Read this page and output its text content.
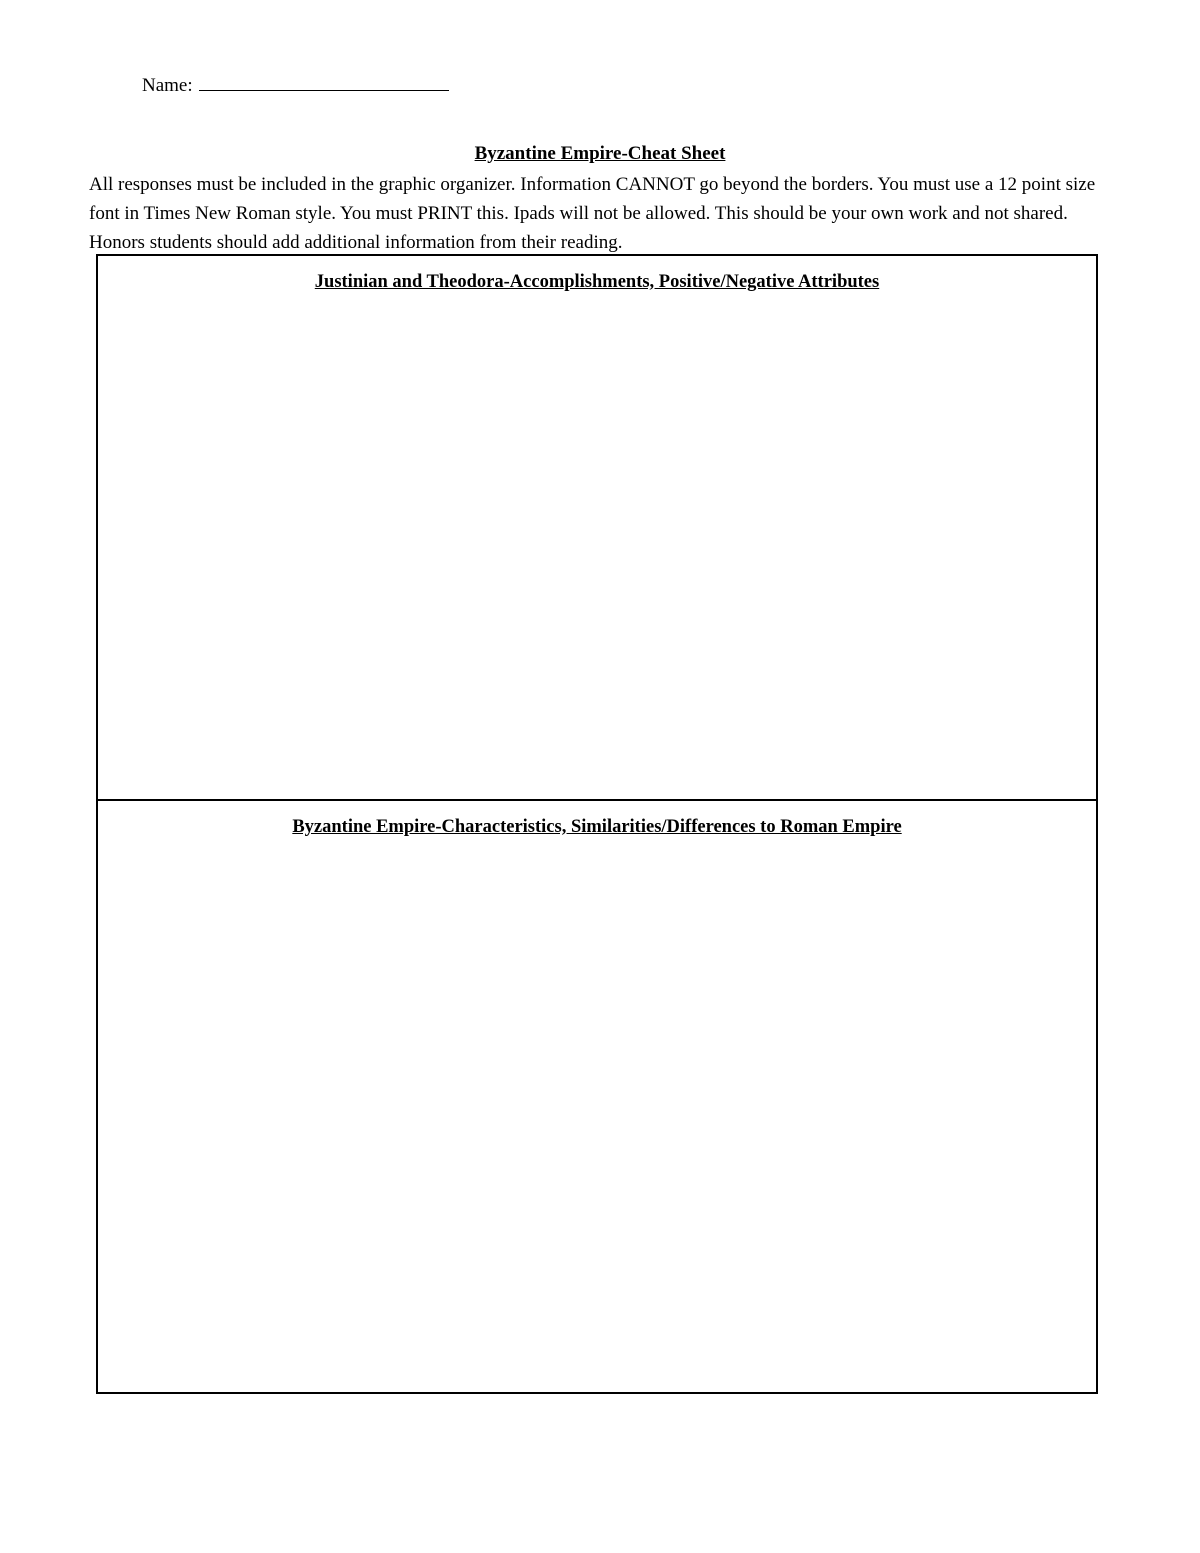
Name:
Byzantine Empire-Cheat Sheet

All responses must be included in the graphic organizer. Information CANNOT go beyond the borders. You must use a 12 point size font in Times New Roman style. You must PRINT this. Ipads will not be allowed. This should be your own work and not shared. Honors students should add additional information from their reading.

Justinian and Theodora-Accomplishments, Positive/Negative Attributes

Byzantine Empire-Characteristics, Similarities/Differences to Roman Empire
